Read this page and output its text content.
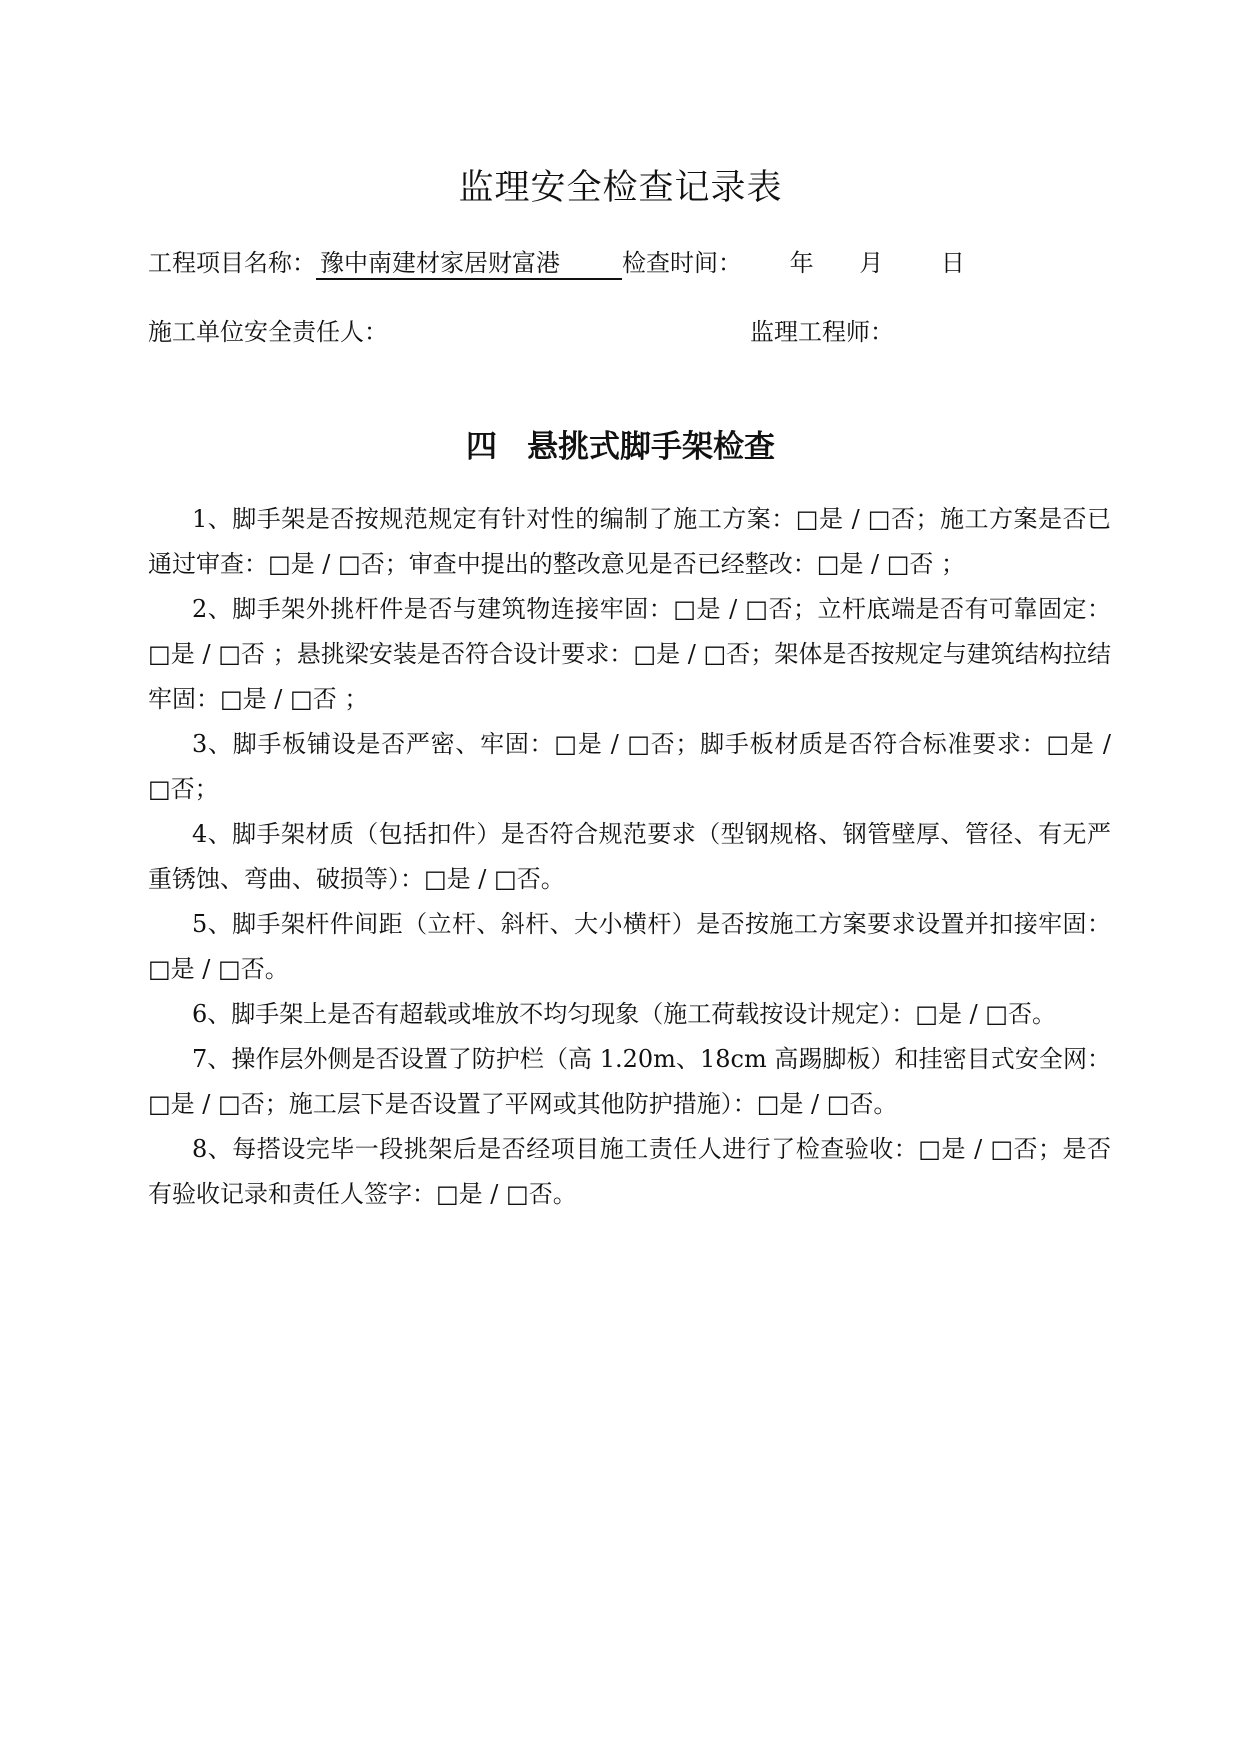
监理安全检查记录表
工程项目名称： 豫中南建材家居财富港	检查时间： 年 月 日
施工单位安全责任人：	监理工程师：
四 悬挑式脚手架检查

1、脚手架是否按规范规定有针对性的编制了施工方案：□是 / □否；施工方案是否已通过审查：□是 / □否；审查中提出的整改意见是否已经整改：□是 / □否 ；

2、脚手架外挑杆件是否与建筑物连接牢固：□是 / □否；立杆底端是否有可靠固定：□是 / □否 ；悬挑梁安装是否符合设计要求：□是 / □否；架体是否按规定与建筑结构拉结牢固：□是 / □否 ；

3、脚手板铺设是否严密、牢固：□是 / □否；脚手板材质是否符合标准要求：□是 / □否；

4、脚手架材质（包括扣件）是否符合规范要求（型钢规格、钢管壁厚、管径、有无严重锈蚀、弯曲、破损等）：□是 / □否。

5、脚手架杆件间距（立杆、斜杆、大小横杆）是否按施工方案要求设置并扣接牢固：□是 / □否。

6、脚手架上是否有超载或堆放不均匀现象（施工荷载按设计规定）：□是 / □否。

7、操作层外侧是否设置了防护栏（高 1.20m、18cm 高踢脚板）和挂密目式安全网：□是 / □否；施工层下是否设置了平网或其他防护措施）：□是 / □否。

8、每搭设完毕一段挑架后是否经项目施工责任人进行了检查验收：□是 / □否；是否有验收记录和责任人签字：□是 / □否。
